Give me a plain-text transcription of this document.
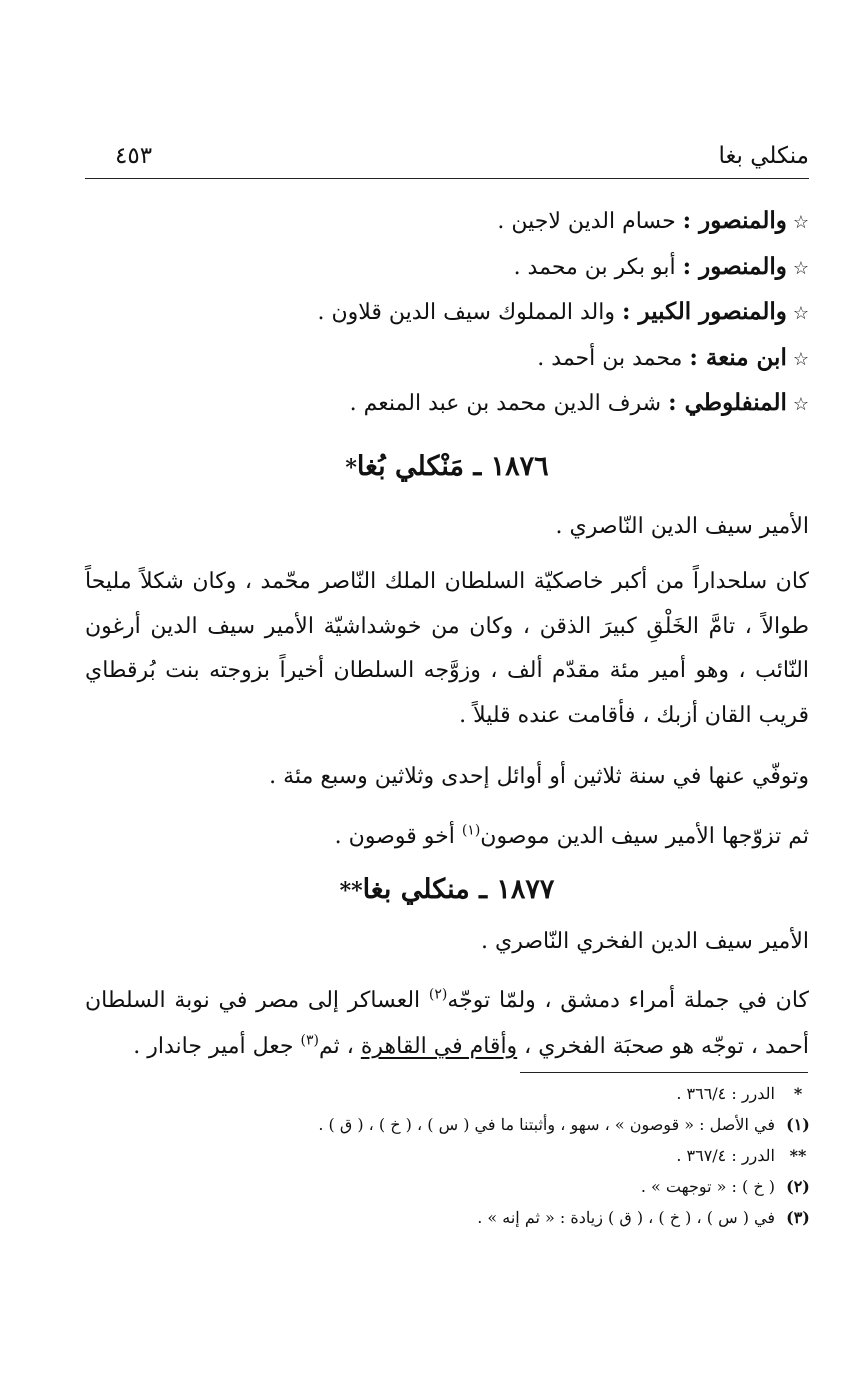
منكلي بغا
٤٥٣
☆والمنصور : حسام الدين لاجين .
☆والمنصور : أبو بكر بن محمد .
☆والمنصور الكبير : والد المملوك سيف الدين قلاون .
☆ابن منعة : محمد بن أحمد .
☆المنفلوطي : شرف الدين محمد بن عبد المنعم .
١٨٧٦ ـ مَنْكلي بُغا*
الأمير سيف الدين النّاصري .
كان سلحداراً من أكبر خاصكيّة السلطان الملك النّاصر محّمد ، وكان شكلاً مليحاً طوالاً ، تامَّ الخَلْقِ كبيرَ الذقن ، وكان من خوشداشيّة الأمير سيف الدين أرغون النّائب ، وهو أمير مئة مقدّم ألف ، وزوَّجه السلطان أخيراً بزوجته بنت بُرقطاي قريب القان أزبك ، فأقامت عنده قليلاً .
وتوفّي عنها في سنة ثلاثين أو أوائل إحدى وثلاثين وسبع مئة .
ثم تزوّجها الأمير سيف الدين موصون$^{(١)}$ أخو قوصون .
١٨٧٧ ـ منكلي بغا**
الأمير سيف الدين الفخري النّاصري .
كان في جملة أمراء دمشق ، ولمّا توجّه$^{(٢)}$ العساكر إلى مصر في نوبة السلطان أحمد ، توجّه هو صحبَة الفخري ، وأقام في القاهرة ، ثم$^{(٣)}$ جعل أمير جاندار .
*الدرر : ٣٦٦/٤ .
(١)في الأصل : « قوصون » ، سهو ، وأثبتنا ما في ( س ) ، ( خ ) ، ( ق ) .
**الدرر : ٣٦٧/٤ .
(٢)( خ ) : « توجهت » .
(٣)في ( س ) ، ( خ ) ، ( ق ) زيادة : « ثم إنه » .
